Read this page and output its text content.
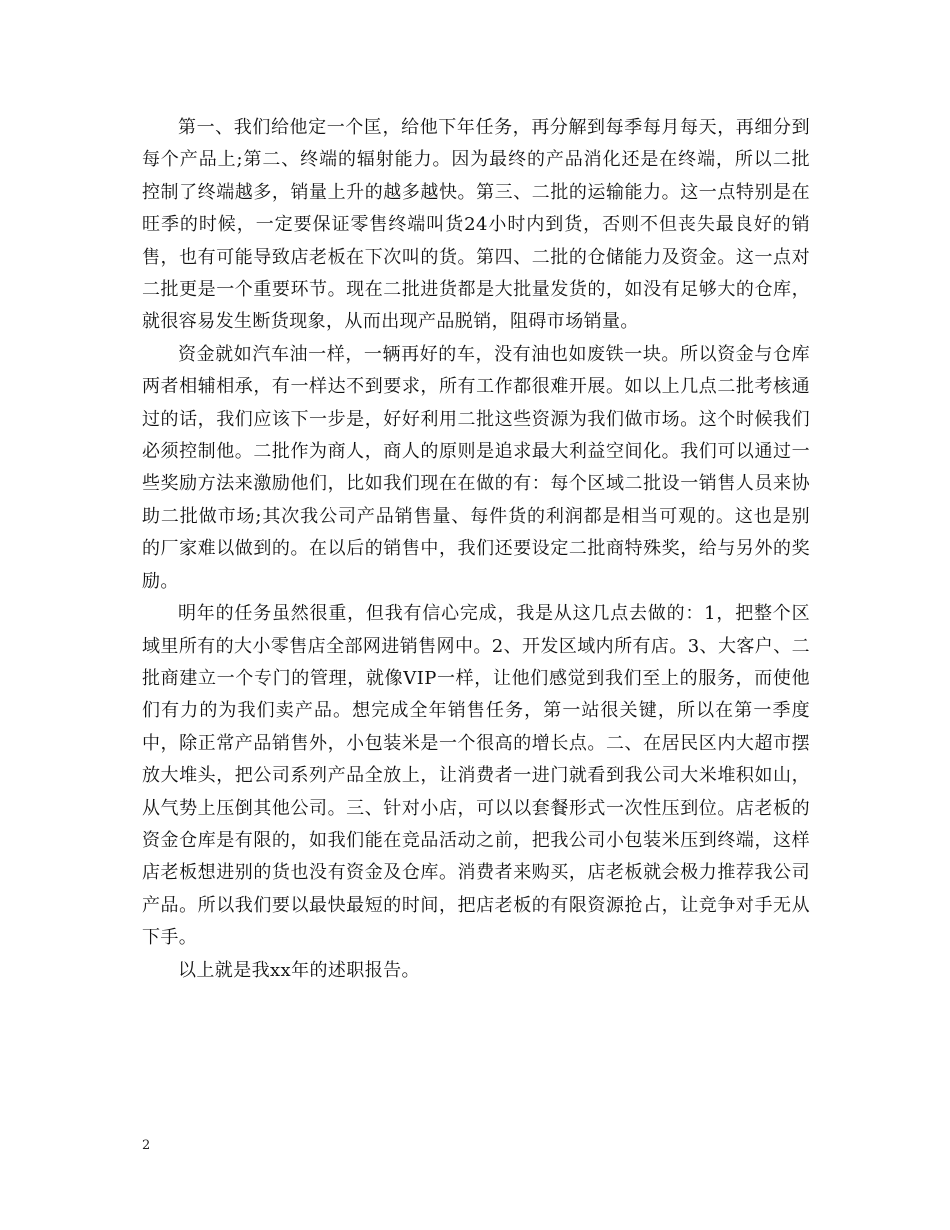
第一、我们给他定一个匡，给他下年任务，再分解到每季每月每天，再细分到每个产品上;第二、终端的辐射能力。因为最终的产品消化还是在终端，所以二批控制了终端越多，销量上升的越多越快。第三、二批的运输能力。这一点特别是在旺季的时候，一定要保证零售终端叫货24小时内到货，否则不但丧失最良好的销售，也有可能导致店老板在下次叫的货。第四、二批的仓储能力及资金。这一点对二批更是一个重要环节。现在二批进货都是大批量发货的，如没有足够大的仓库，就很容易发生断货现象，从而出现产品脱销，阻碍市场销量。

资金就如汽车油一样，一辆再好的车，没有油也如废铁一块。所以资金与仓库两者相辅相承，有一样达不到要求，所有工作都很难开展。如以上几点二批考核通过的话，我们应该下一步是，好好利用二批这些资源为我们做市场。这个时候我们必须控制他。二批作为商人，商人的原则是追求最大利益空间化。我们可以通过一些奖励方法来激励他们，比如我们现在在做的有：每个区域二批设一销售人员来协助二批做市场;其次我公司产品销售量、每件货的利润都是相当可观的。这也是别的厂家难以做到的。在以后的销售中，我们还要设定二批商特殊奖，给与另外的奖励。

明年的任务虽然很重，但我有信心完成，我是从这几点去做的：1，把整个区域里所有的大小零售店全部网进销售网中。2、开发区域内所有店。3、大客户、二批商建立一个专门的管理，就像VIP一样，让他们感觉到我们至上的服务，而使他们有力的为我们卖产品。想完成全年销售任务，第一站很关键，所以在第一季度中，除正常产品销售外，小包装米是一个很高的增长点。二、在居民区内大超市摆放大堆头，把公司系列产品全放上，让消费者一进门就看到我公司大米堆积如山，从气势上压倒其他公司。三、针对小店，可以以套餐形式一次性压到位。店老板的资金仓库是有限的，如我们能在竞品活动之前，把我公司小包装米压到终端，这样店老板想进别的货也没有资金及仓库。消费者来购买，店老板就会极力推荐我公司产品。所以我们要以最快最短的时间，把店老板的有限资源抢占，让竞争对手无从下手。

以上就是我xx年的述职报告。

2
